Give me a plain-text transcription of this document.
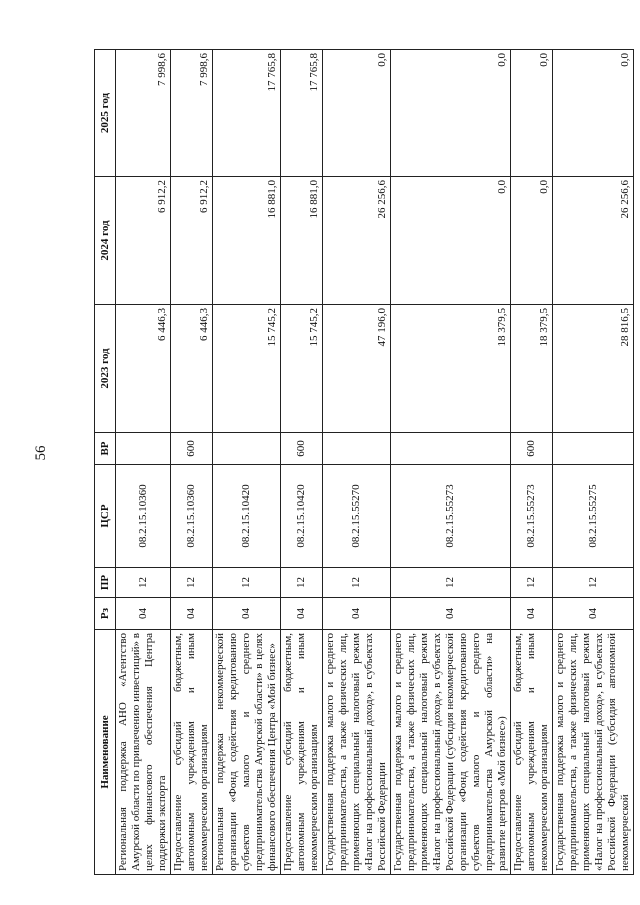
56
Наименование	Рз	ПР	ЦСР	ВР	2023 год	2024 год	2025 год
Региональная поддержка АНО «Агентство Амурской области по привлечению инвестиций» в целях финансового обеспечения Центра поддержки экспорта	04	12	08.2.15.10360		6 446,3	6 912,2	7 998,6
Предоставление субсидий бюджетным, автономным учреждениям и иным некоммерческим организациям	04	12	08.2.15.10360	600	6 446,3	6 912,2	7 998,6
Региональная поддержка некоммерческой организации «Фонд содействия кредитованию субъектов малого и среднего предпринимательства Амурской области» в целях финансового обеспечения Центра «Мой бизнес»	04	12	08.2.15.10420		15 745,2	16 881,0	17 765,8
Предоставление субсидий бюджетным, автономным учреждениям и иным некоммерческим организациям	04	12	08.2.15.10420	600	15 745,2	16 881,0	17 765,8
Государственная поддержка малого и среднего предпринимательства, а также физических лиц, применяющих специальный налоговый режим «Налог на профессиональный доход», в субъектах Российской Федерации	04	12	08.2.15.55270		47 196,0	26 256,6	0,0
Государственная поддержка малого и среднего предпринимательства, а также физических лиц, применяющих специальный налоговый режим «Налог на профессиональный доход», в субъектах Российской Федерации (субсидия некоммерческой организации «Фонд содействия кредитованию субъектов малого и среднего предпринимательства Амурской области» на развитие центров «Мой бизнес»)	04	12	08.2.15.55273		18 379,5	0,0	0,0
Предоставление субсидий бюджетным, автономным учреждениям и иным некоммерческим организациям	04	12	08.2.15.55273	600	18 379,5	0,0	0,0
Государственная поддержка малого и среднего предпринимательства, а также физических лиц, применяющих специальный налоговый режим «Налог на профессиональный доход», в субъектах Российской Федерации (субсидия автономной некоммерческой	04	12	08.2.15.55275		28 816,5	26 256,6	0,0
